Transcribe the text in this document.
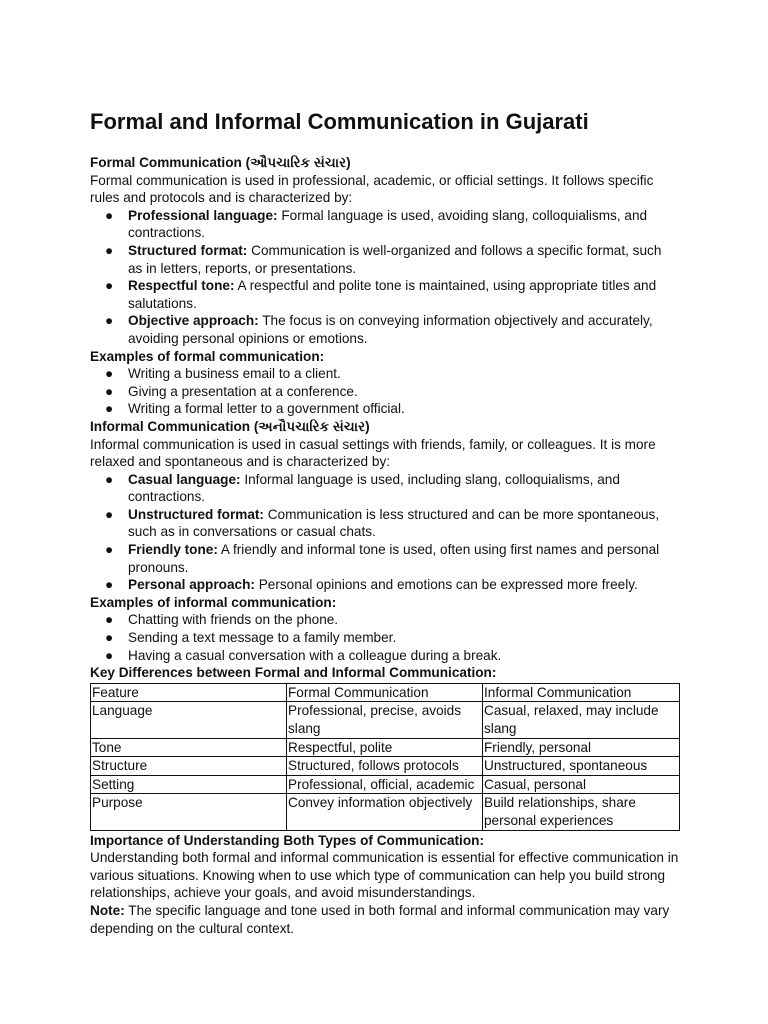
Formal and Informal Communication in Gujarati
Formal Communication (ઔપચારિક સંચાર)
Formal communication is used in professional, academic, or official settings. It follows specific rules and protocols and is characterized by:
● Professional language: Formal language is used, avoiding slang, colloquialisms, and contractions.
● Structured format: Communication is well-organized and follows a specific format, such as in letters, reports, or presentations.
● Respectful tone: A respectful and polite tone is maintained, using appropriate titles and salutations.
● Objective approach: The focus is on conveying information objectively and accurately, avoiding personal opinions or emotions.
Examples of formal communication:
● Writing a business email to a client.
● Giving a presentation at a conference.
● Writing a formal letter to a government official.
Informal Communication (અનૌપચારિક સંચાર)
Informal communication is used in casual settings with friends, family, or colleagues. It is more relaxed and spontaneous and is characterized by:
● Casual language: Informal language is used, including slang, colloquialisms, and contractions.
● Unstructured format: Communication is less structured and can be more spontaneous, such as in conversations or casual chats.
● Friendly tone: A friendly and informal tone is used, often using first names and personal pronouns.
● Personal approach: Personal opinions and emotions can be expressed more freely.
Examples of informal communication:
● Chatting with friends on the phone.
● Sending a text message to a family member.
● Having a casual conversation with a colleague during a break.
Key Differences between Formal and Informal Communication:
Feature	Formal Communication	Informal Communication
Language	Professional, precise, avoids slang	Casual, relaxed, may include slang
Tone	Respectful, polite	Friendly, personal
Structure	Structured, follows protocols	Unstructured, spontaneous
Setting	Professional, official, academic	Casual, personal
Purpose	Convey information objectively	Build relationships, share personal experiences
Importance of Understanding Both Types of Communication:
Understanding both formal and informal communication is essential for effective communication in various situations. Knowing when to use which type of communication can help you build strong relationships, achieve your goals, and avoid misunderstandings.
Note: The specific language and tone used in both formal and informal communication may vary depending on the cultural context.
